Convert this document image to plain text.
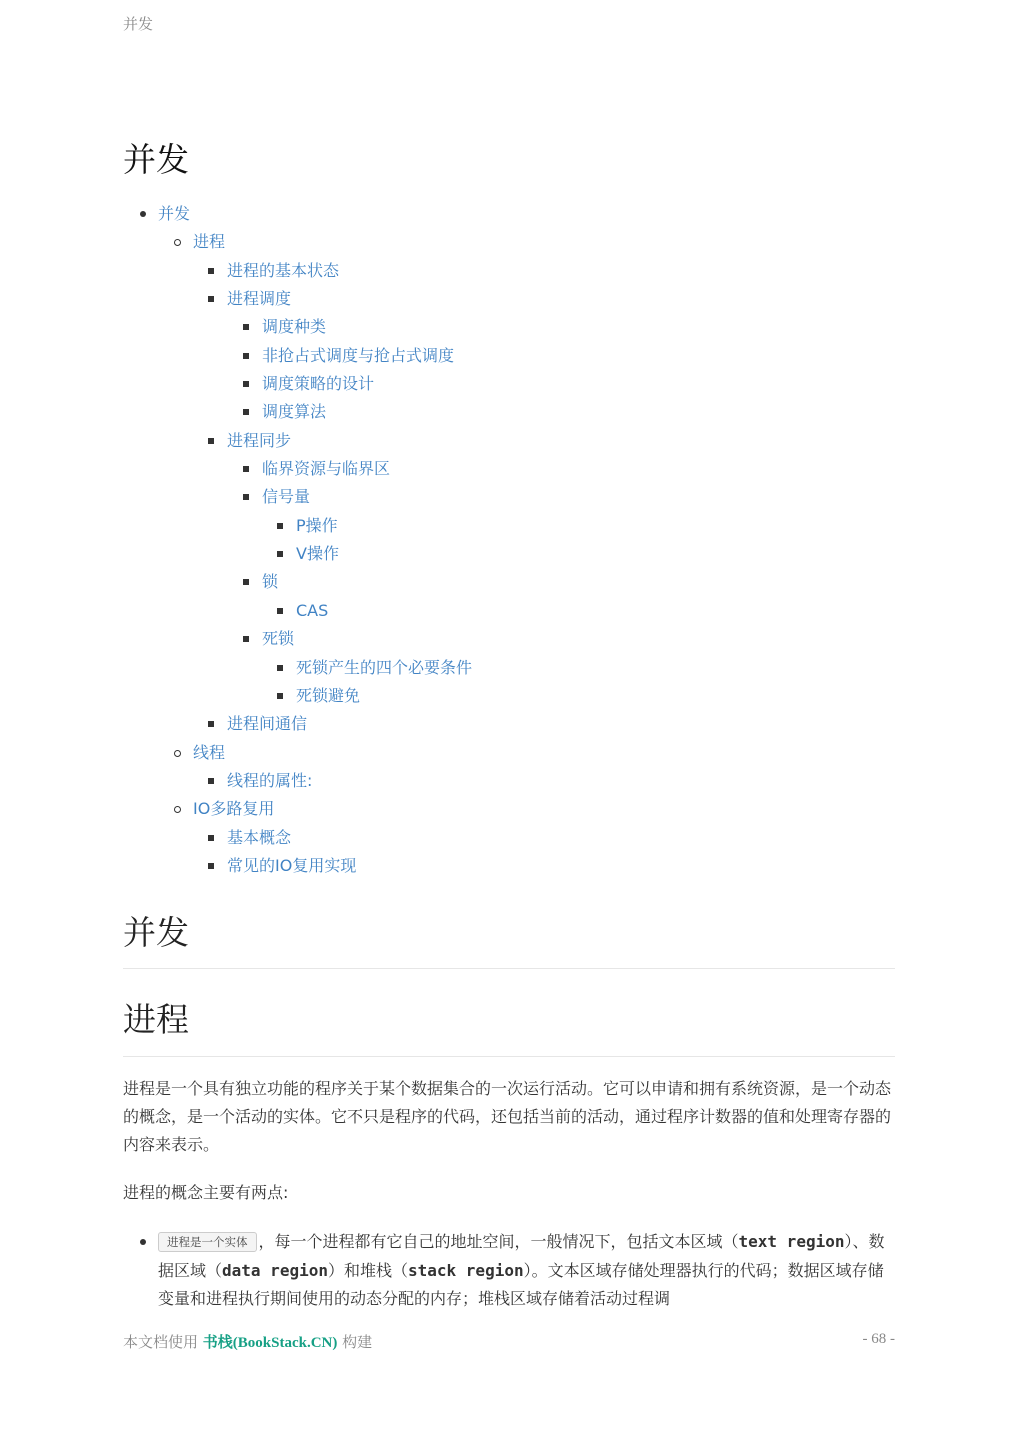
并发
并发
并发
进程
进程的基本状态
进程调度
调度种类
非抢占式调度与抢占式调度
调度策略的设计
调度算法
进程同步
临界资源与临界区
信号量
P操作
V操作
锁
CAS
死锁
死锁产生的四个必要条件
死锁避免
进程间通信
线程
线程的属性:
IO多路复用
基本概念
常见的IO复用实现
并发
进程

进程是一个具有独立功能的程序关于某个数据集合的一次运行活动。它可以申请和拥有系统资源，是一个动态的概念，是一个活动的实体。它不只是程序的代码，还包括当前的活动，通过程序计数器的值和处理寄存器的内容来表示。

进程的概念主要有两点:

进程是一个实体 ，每一个进程都有它自己的地址空间，一般情况下，包括文本区域（text region）、数据区域（data region）和堆栈（stack region）。文本区域存储处理器执行的代码；数据区域存储变量和进程执行期间使用的动态分配的内存；堆栈区域存储着活动过程调
本文档使用 书栈(BookStack.CN) 构建	- 68 -
